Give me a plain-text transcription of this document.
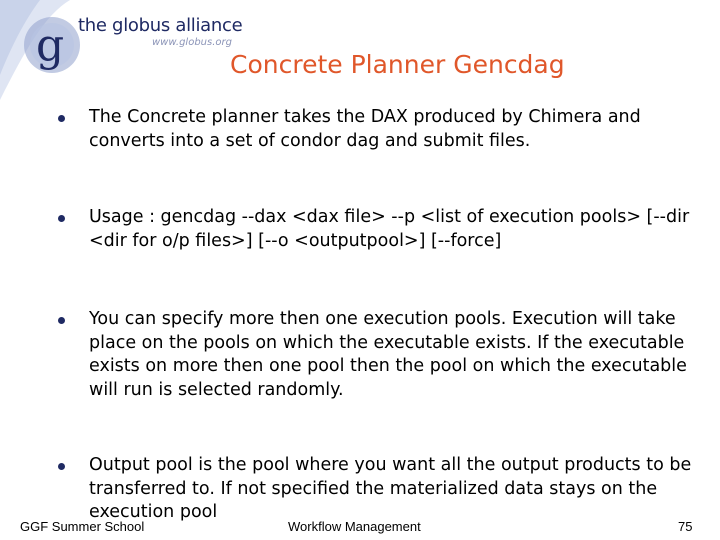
g the globus alliance
www.globus.org
Concrete Planner Gencdag
The Concrete planner takes the DAX produced by Chimera and converts into a set of condor dag and submit files.
Usage : gencdag --dax <dax file> --p <list of execution pools> [--dir <dir for o/p files>] [--o <outputpool>] [--force]
You can specify more then one execution pools. Execution will take place on the pools on which the executable exists. If the executable exists on more then one pool then the pool on which the executable will run is selected randomly.
Output pool is the pool where you want all the output products to be transferred to. If not specified the materialized data stays on the execution pool
GGF Summer School	Workflow Management	75
